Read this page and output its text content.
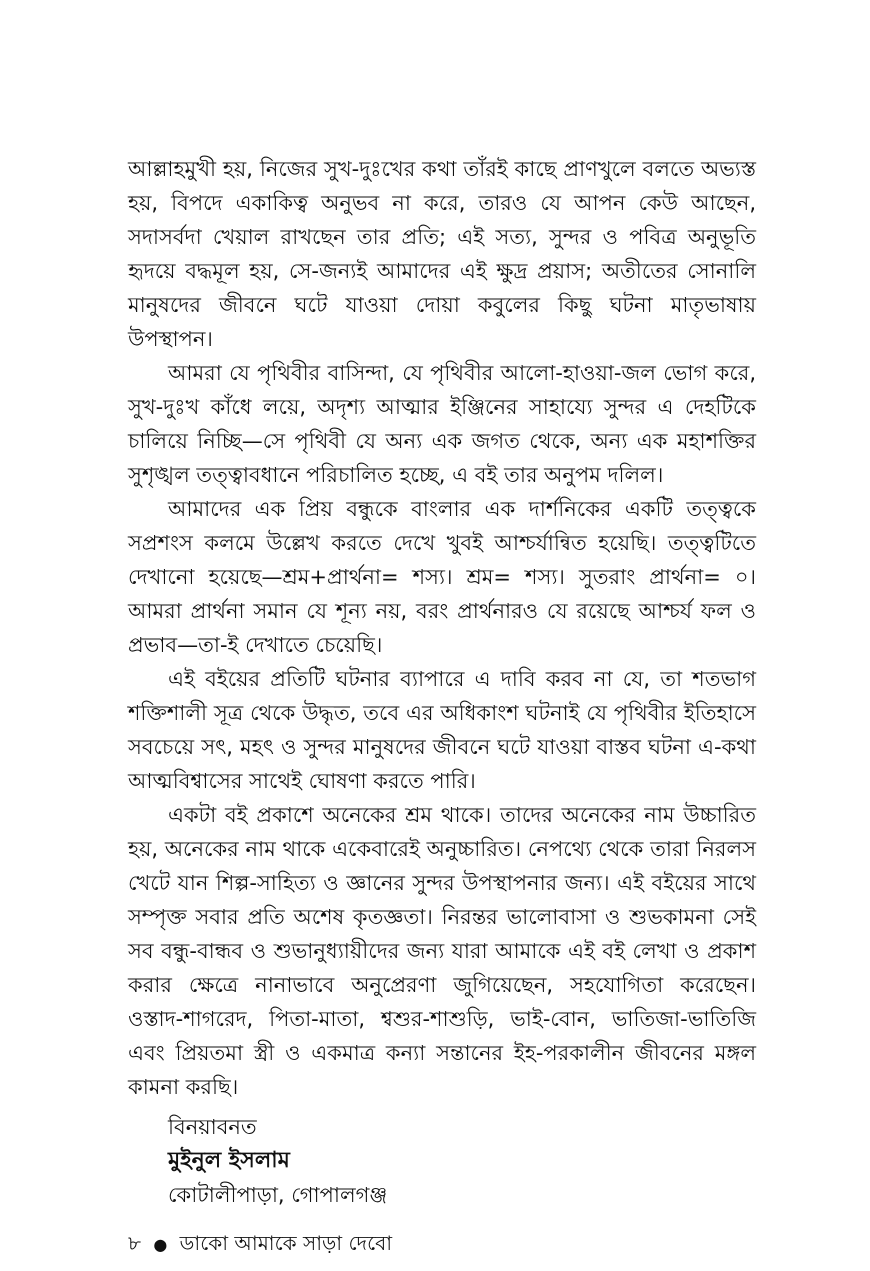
আল্লাহমুখী হয়, নিজের সুখ-দুঃখের কথা তাঁরই কাছে প্রাণখুলে বলতে অভ্যস্ত হয়, বিপদে একাকিত্ব অনুভব না করে, তারও যে আপন কেউ আছেন, সদাসর্বদা খেয়াল রাখছেন তার প্রতি; এই সত্য, সুন্দর ও পবিত্র অনুভূতি হৃদয়ে বদ্ধমূল হয়, সে-জন্যই আমাদের এই ক্ষুদ্র প্রয়াস; অতীতের সোনালি মানুষদের জীবনে ঘটে যাওয়া দোয়া কবুলের কিছু ঘটনা মাতৃভাষায় উপস্থাপন।

আমরা যে পৃথিবীর বাসিন্দা, যে পৃথিবীর আলো-হাওয়া-জল ভোগ করে, সুখ-দুঃখ কাঁধে লয়ে, অদৃশ্য আত্মার ইঞ্জিনের সাহায্যে সুন্দর এ দেহটিকে চালিয়ে নিচ্ছি—সে পৃথিবী যে অন্য এক জগত থেকে, অন্য এক মহাশক্তির সুশৃঙ্খল তত্ত্বাবধানে পরিচালিত হচ্ছে, এ বই তার অনুপম দলিল।

আমাদের এক প্রিয় বন্ধুকে বাংলার এক দার্শনিকের একটি তত্ত্বকে সপ্রশংস কলমে উল্লেখ করতে দেখে খুবই আশ্চর্যান্বিত হয়েছি। তত্ত্বটিতে দেখানো হয়েছে—শ্রম+প্রার্থনা= শস্য। শ্রম= শস্য। সুতরাং প্রার্থনা= ০। আমরা প্রার্থনা সমান যে শূন্য নয়, বরং প্রার্থনারও যে রয়েছে আশ্চর্য ফল ও প্রভাব—তা-ই দেখাতে চেয়েছি।

এই বইয়ের প্রতিটি ঘটনার ব্যাপারে এ দাবি করব না যে, তা শতভাগ শক্তিশালী সূত্র থেকে উদ্ধৃত, তবে এর অধিকাংশ ঘটনাই যে পৃথিবীর ইতিহাসে সবচেয়ে সৎ, মহৎ ও সুন্দর মানুষদের জীবনে ঘটে যাওয়া বাস্তব ঘটনা এ-কথা আত্মবিশ্বাসের সাথেই ঘোষণা করতে পারি।

একটা বই প্রকাশে অনেকের শ্রম থাকে। তাদের অনেকের নাম উচ্চারিত হয়, অনেকের নাম থাকে একেবারেই অনুচ্চারিত। নেপথ্যে থেকে তারা নিরলস খেটে যান শিল্প-সাহিত্য ও জ্ঞানের সুন্দর উপস্থাপনার জন্য। এই বইয়ের সাথে সম্পৃক্ত সবার প্রতি অশেষ কৃতজ্ঞতা। নিরন্তর ভালোবাসা ও শুভকামনা সেই সব বন্ধু-বান্ধব ও শুভানুধ্যায়ীদের জন্য যারা আমাকে এই বই লেখা ও প্রকাশ করার ক্ষেত্রে নানাভাবে অনুপ্রেরণা জুগিয়েছেন, সহযোগিতা করেছেন। ওস্তাদ-শাগরেদ, পিতা-মাতা, শ্বশুর-শাশুড়ি, ভাই-বোন, ভাতিজা-ভাতিজি এবং প্রিয়তমা স্ত্রী ও একমাত্র কন্যা সন্তানের ইহ-পরকালীন জীবনের মঙ্গল কামনা করছি।

বিনয়াবনত

মুইনুল ইসলাম

কোটালীপাড়া, গোপালগঞ্জ

৮ ● ডাকো আমাকে সাড়া দেবো
